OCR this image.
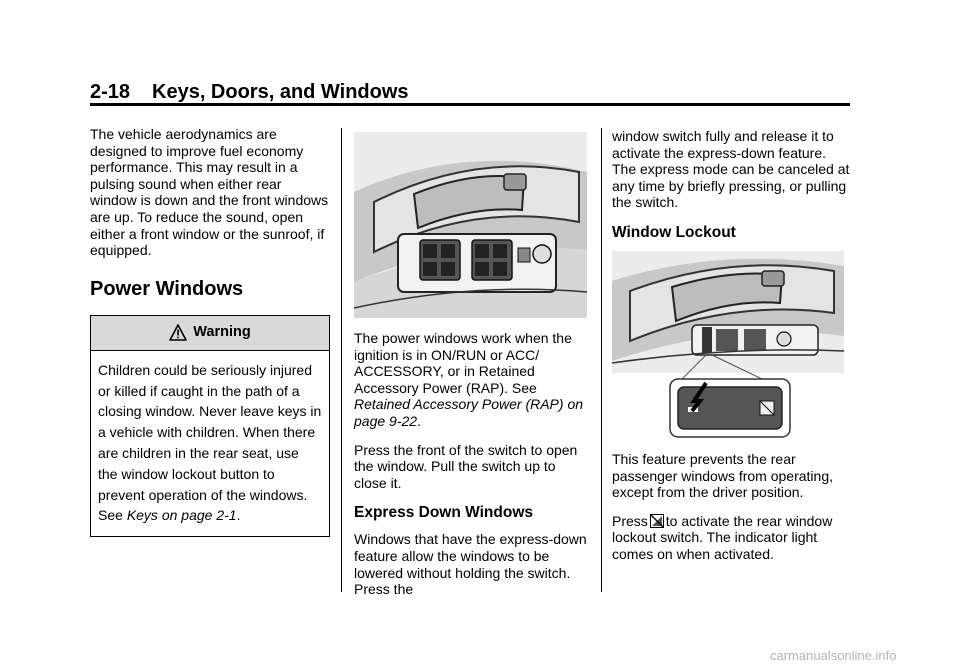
2-18 Keys, Doors, and Windows

The vehicle aerodynamics are designed to improve fuel economy performance. This may result in a pulsing sound when either rear window is down and the front windows are up. To reduce the sound, open either a front window or the sunroof, if equipped.

Power Windows
Warning
Children could be seriously injured or killed if caught in the path of a closing window. Never leave keys in a vehicle with children. When there are children in the rear seat, use the window lockout button to prevent operation of the windows. See Keys on page 2-1.

The power windows work when the ignition is in ON/RUN or ACC/ ACCESSORY, or in Retained Accessory Power (RAP). See Retained Accessory Power (RAP) on page 9-22.

Press the front of the switch to open the window. Pull the switch up to close it.

Express Down Windows

Windows that have the express-down feature allow the windows to be lowered without holding the switch. Press the

window switch fully and release it to activate the express-down feature. The express mode can be canceled at any time by briefly pressing, or pulling the switch.

Window Lockout

This feature prevents the rear passenger windows from operating, except from the driver position.

Press to activate the rear window lockout switch. The indicator light comes on when activated.

carmanualsonline.info
